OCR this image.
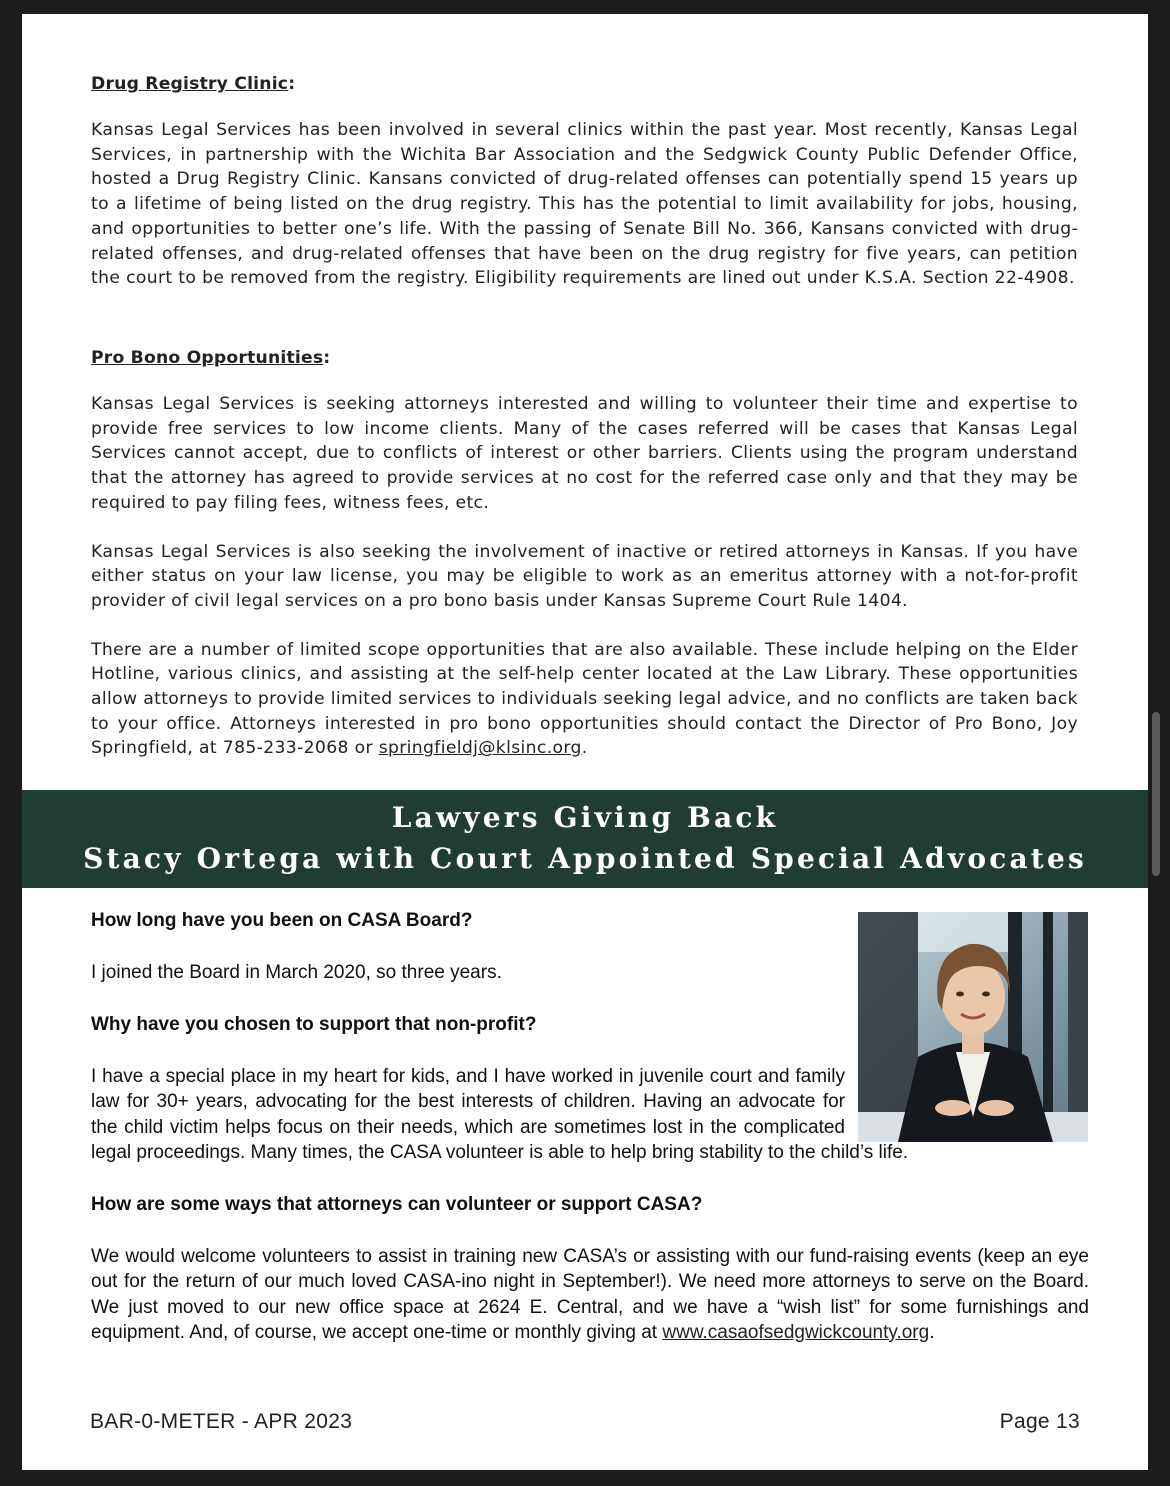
Drug Registry Clinic:

Kansas Legal Services has been involved in several clinics within the past year. Most recently, Kansas Legal Services, in partnership with the Wichita Bar Association and the Sedgwick County Public Defender Office, hosted a Drug Registry Clinic. Kansans convicted of drug-related offenses can potentially spend 15 years up to a lifetime of being listed on the drug registry. This has the potential to limit availability for jobs, housing, and opportunities to better one’s life. With the passing of Senate Bill No. 366, Kansans convicted with drug-related offenses, and drug-related offenses that have been on the drug registry for five years, can petition the court to be removed from the registry. Eligibility requirements are lined out under K.S.A. Section 22-4908.

Pro Bono Opportunities:

Kansas Legal Services is seeking attorneys interested and willing to volunteer their time and expertise to provide free services to low income clients. Many of the cases referred will be cases that Kansas Legal Services cannot accept, due to conflicts of interest or other barriers. Clients using the program understand that the attorney has agreed to provide services at no cost for the referred case only and that they may be required to pay filing fees, witness fees, etc.

Kansas Legal Services is also seeking the involvement of inactive or retired attorneys in Kansas. If you have either status on your law license, you may be eligible to work as an emeritus attorney with a not-for-profit provider of civil legal services on a pro bono basis under Kansas Supreme Court Rule 1404.

There are a number of limited scope opportunities that are also available. These include helping on the Elder Hotline, various clinics, and assisting at the self-help center located at the Law Library. These opportunities allow attorneys to provide limited services to individuals seeking legal advice, and no conflicts are taken back to your office. Attorneys interested in pro bono opportunities should contact the Director of Pro Bono, Joy Springfield, at 785-233-2068 or springfieldj@klsinc.org.

Lawyers Giving Back
Stacy Ortega with Court Appointed Special Advocates

How long have you been on CASA Board?

I joined the Board in March 2020, so three years.

Why have you chosen to support that non-profit?

I have a special place in my heart for kids, and I have worked in juvenile court and family law for 30+ years, advocating for the best interests of children. Having an advocate for the child victim helps focus on their needs, which are sometimes lost in the complicated legal proceedings. Many times, the CASA volunteer is able to help bring stability to the child’s life.

How are some ways that attorneys can volunteer or support CASA?

We would welcome volunteers to assist in training new CASA’s or assisting with our fund-raising events (keep an eye out for the return of our much loved CASA-ino night in September!). We need more attorneys to serve on the Board. We just moved to our new office space at 2624 E. Central, and we have a “wish list” for some furnishings and equipment. And, of course, we accept one-time or monthly giving at www.casaofsedgwickcounty.org.

BAR-0-METER - APR 2023	Page 13
